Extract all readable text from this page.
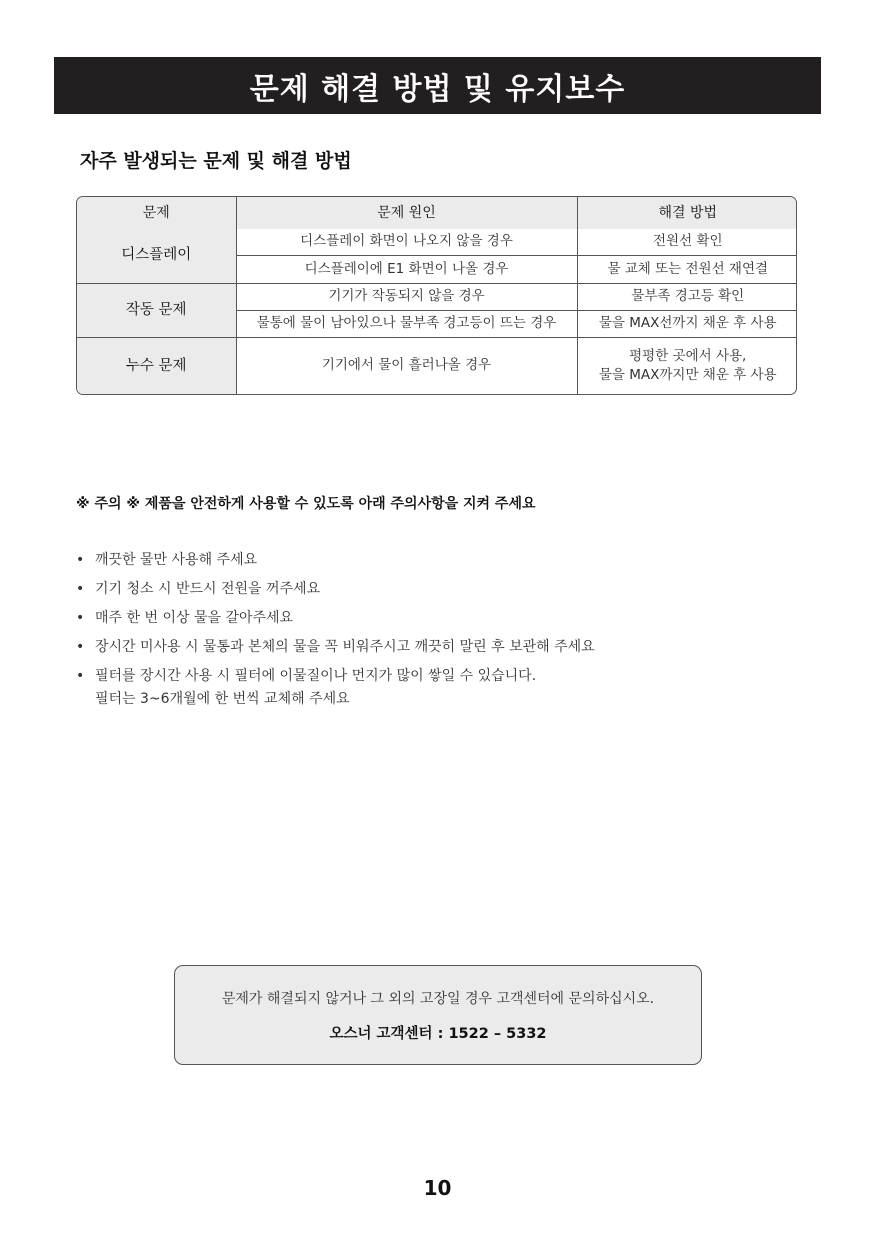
문제 해결 방법 및 유지보수
자주 발생되는 문제 및 해결 방법
문제	문제 원인	해결 방법
디스플레이	디스플레이 화면이 나오지 않을 경우	전원선 확인
	디스플레이에 E1 화면이 나올 경우	물 교체 또는 전원선 재연결
작동 문제	기기가 작동되지 않을 경우	물부족 경고등 확인
	물통에 물이 남아있으나 물부족 경고등이 뜨는 경우	물을 MAX선까지 채운 후 사용
누수 문제	기기에서 물이 흘러나올 경우	평평한 곳에서 사용,
물을 MAX까지만 채운 후 사용
※ 주의 ※ 제품을 안전하게 사용할 수 있도록 아래 주의사항을 지켜 주세요
• 깨끗한 물만 사용해 주세요
• 기기 청소 시 반드시 전원을 꺼주세요
• 매주 한 번 이상 물을 갈아주세요
• 장시간 미사용 시 물통과 본체의 물을 꼭 비워주시고 깨끗히 말린 후 보관해 주세요
• 필터를 장시간 사용 시 필터에 이물질이나 먼지가 많이 쌓일 수 있습니다.
필터는 3~6개월에 한 번씩 교체해 주세요
문제가 해결되지 않거나 그 외의 고장일 경우 고객센터에 문의하십시오.
오스너 고객센터 : 1522 – 5332
10
